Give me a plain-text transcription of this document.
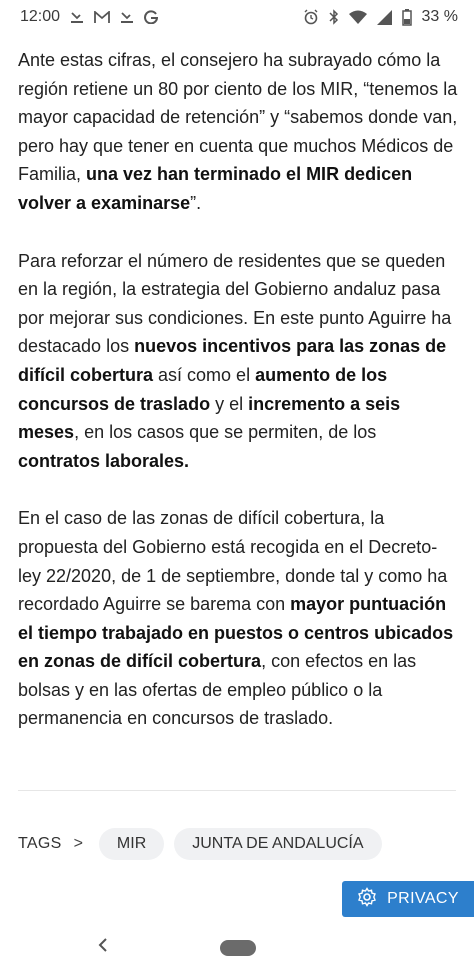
12:00	33 %

Ante estas cifras, el consejero ha subrayado cómo la región retiene un 80 por ciento de los MIR, “tenemos la mayor capacidad de retención” y “sabemos donde van, pero hay que tener en cuenta que muchos Médicos de Familia, una vez han terminado el MIR dedicen volver a examinarse”.

Para reforzar el número de residentes que se queden en la región, la estrategia del Gobierno andaluz pasa por mejorar sus condiciones. En este punto Aguirre ha destacado los nuevos incentivos para las zonas de difícil cobertura así como el aumento de los concursos de traslado y el incremento a seis meses, en los casos que se permiten, de los contratos laborales.

En el caso de las zonas de difícil cobertura, la propuesta del Gobierno está recogida en el Decreto-ley 22/2020, de 1 de septiembre, donde tal y como ha recordado Aguirre se barema con mayor puntuación el tiempo trabajado en puestos o centros ubicados en zonas de difícil cobertura, con efectos en las bolsas y en las ofertas de empleo público o la permanencia en concursos de traslado.

TAGS >	MIR	JUNTA DE ANDALUCÍA
PRIVACY
